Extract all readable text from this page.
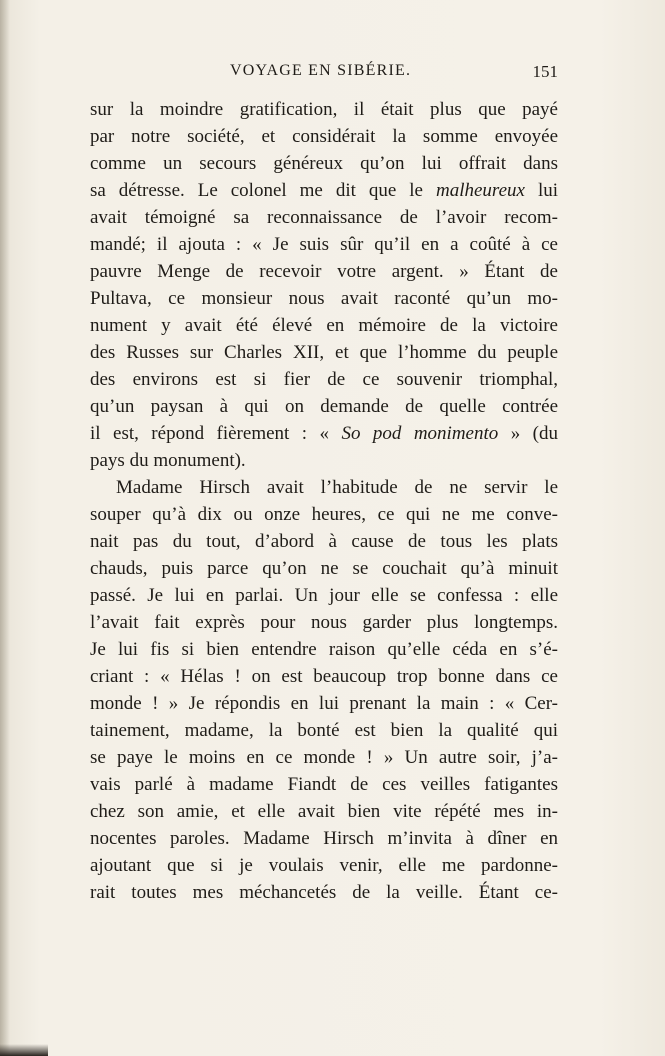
VOYAGE EN SIBÉRIE.	151
sur la moindre gratification, il était plus que payé
par notre société, et considérait la somme envoyée
comme un secours généreux qu’on lui offrait dans
sa détresse. Le colonel me dit que le malheureux lui
avait témoigné sa reconnaissance de l’avoir recom-
mandé; il ajouta : « Je suis sûr qu’il en a coûté à ce
pauvre Menge de recevoir votre argent. » Étant de
Pultava, ce monsieur nous avait raconté qu’un mo-
nument y avait été élevé en mémoire de la victoire
des Russes sur Charles XII, et que l’homme du peuple
des environs est si fier de ce souvenir triomphal,
qu’un paysan à qui on demande de quelle contrée
il est, répond fièrement : « So pod monimento » (du
pays du monument).
Madame Hirsch avait l’habitude de ne servir le
souper qu’à dix ou onze heures, ce qui ne me conve-
nait pas du tout, d’abord à cause de tous les plats
chauds, puis parce qu’on ne se couchait qu’à minuit
passé. Je lui en parlai. Un jour elle se confessa : elle
l’avait fait exprès pour nous garder plus longtemps.
Je lui fis si bien entendre raison qu’elle céda en s’é-
criant : « Hélas ! on est beaucoup trop bonne dans ce
monde ! » Je répondis en lui prenant la main : « Cer-
tainement, madame, la bonté est bien la qualité qui
se paye le moins en ce monde ! » Un autre soir, j’a-
vais parlé à madame Fiandt de ces veilles fatigantes
chez son amie, et elle avait bien vite répété mes in-
nocentes paroles. Madame Hirsch m’invita à dîner en
ajoutant que si je voulais venir, elle me pardonne-
rait toutes mes méchancetés de la veille. Étant ce-
